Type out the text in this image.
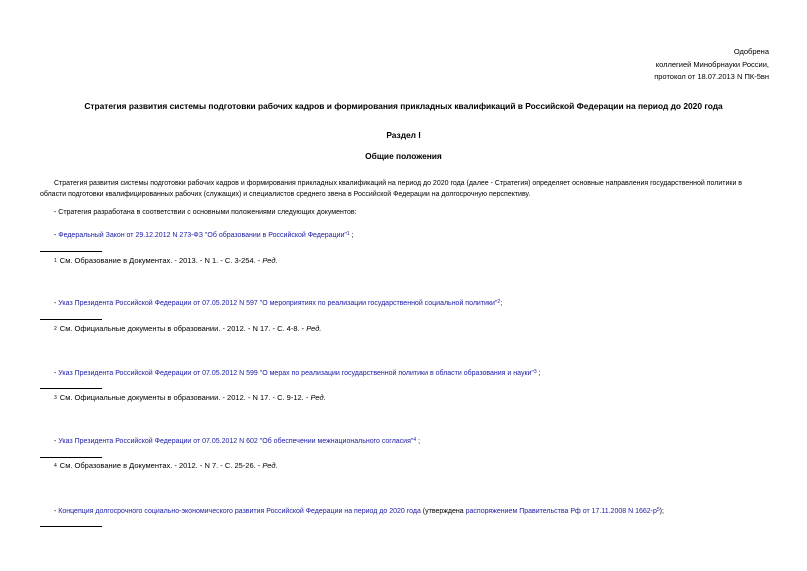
Одобрена
коллегией Минобрнауки России,
протокол от 18.07.2013 N ПК-5вн
Стратегия развития системы подготовки рабочих кадров и формирования прикладных квалификаций в Российской Федерации на период до 2020 года
Раздел I
Общие положения
Стратегия развития системы подготовки рабочих кадров и формирования прикладных квалификаций на период до 2020 года (далее - Стратегия) определяет основные направления государственной политики в области подготовки квалифицированных рабочих (служащих) и специалистов среднего звена в Российской Федерации на долгосрочную перспективу.
- Стратегия разработана в соответствии с основными положениями следующих документов:
- Федеральный Закон от 29.12.2012 N 273-ФЗ "Об образовании в Российской Федерации"$^1$ ;
1 См. Образование в Документах. - 2013. - N 1. - С. 3-254. - Ред.
- Указ Президента Российской Федерации от 07.05.2012 N 597 "О мероприятиях по реализации государственной социальной политики"$^2$;
2 См. Официальные документы в образовании. - 2012. - N 17. - С. 4-8. - Ред.
- Указ Президента Российской Федерации от 07.05.2012 N 599 "О мерах по реализации государственной политики в области образования и науки"$^3$ ;
3 См. Официальные документы в образовании. - 2012. - N 17. - С. 9-12. - Ред.
- Указ Президента Российской Федерации от 07.05.2012 N 602 "Об обеспечении межнационального согласия"$^4$ ;
4 См. Образование в Документах. - 2012. - N 7. - С. 25-26. - Ред.
- Концепция долгосрочного социально-экономического развития Российской Федерации на период до 2020 года (утверждена распоряжением Правительства Рф от 17.11.2008 N $1662-р^5$);
